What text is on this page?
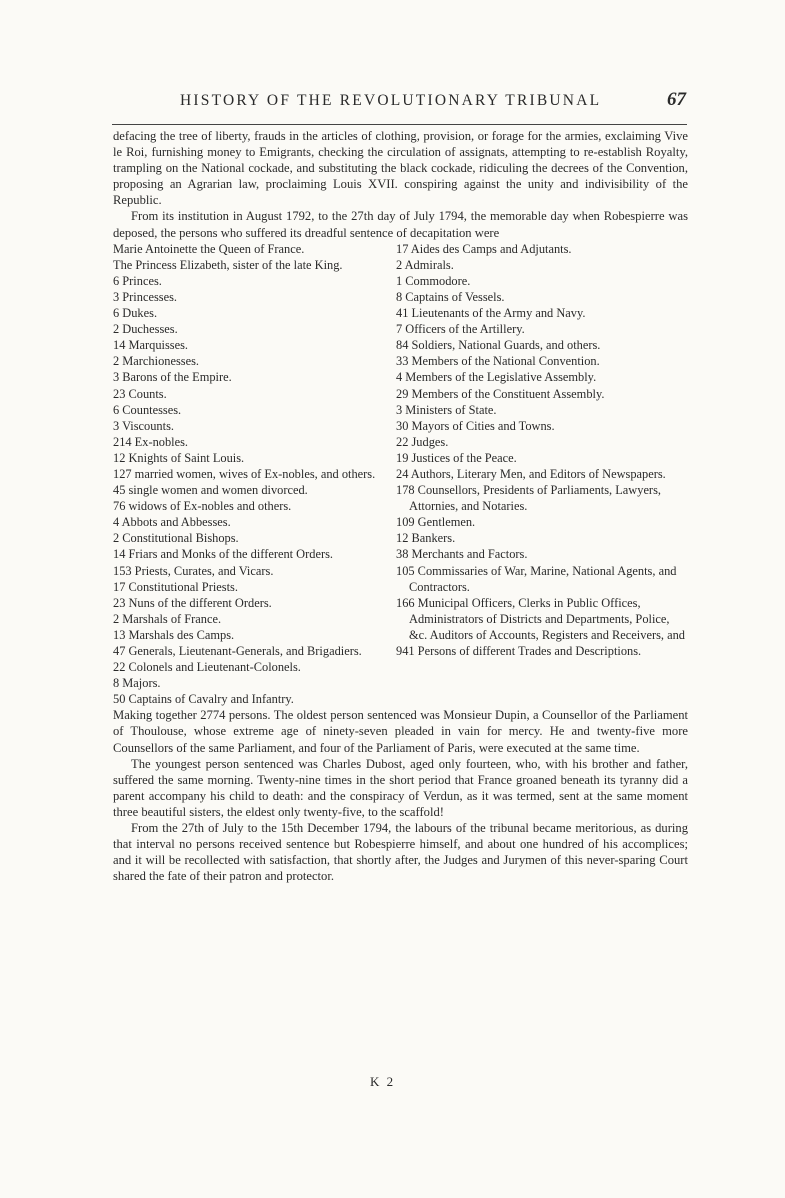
HISTORY OF THE REVOLUTIONARY TRIBUNAL	67

defacing the tree of liberty, frauds in the articles of clothing, provision, or forage for the armies, exclaiming Vive le Roi, furnishing money to Emigrants, checking the circulation of assignats, attempting to re-establish Royalty, trampling on the National cockade, and substituting the black cockade, ridiculing the decrees of the Convention, proposing an Agrarian law, proclaiming Louis XVII. conspiring against the unity and indivisibility of the Republic.

From its institution in August 1792, to the 27th day of July 1794, the memorable day when Robespierre was deposed, the persons who suffered its dreadful sentence of decapitation were

Marie Antoinette the Queen of France.

The Princess Elizabeth, sister of the late King.

6 Princes.

3 Princesses.

6 Dukes.

2 Duchesses.

14 Marquisses.

2 Marchionesses.

3 Barons of the Empire.

23 Counts.

6 Countesses.

3 Viscounts.

214 Ex-nobles.

12 Knights of Saint Louis.

127 married women, wives of Ex-nobles, and others.

45 single women and women divorced.

76 widows of Ex-nobles and others.

4 Abbots and Abbesses.

2 Constitutional Bishops.

14 Friars and Monks of the different Orders.

153 Priests, Curates, and Vicars.

17 Constitutional Priests.

23 Nuns of the different Orders.

2 Marshals of France.

13 Marshals des Camps.

47 Generals, Lieutenant-Generals, and Brigadiers.

22 Colonels and Lieutenant-Colonels.

8 Majors.

50 Captains of Cavalry and Infantry.

17 Aides des Camps and Adjutants.

2 Admirals.

1 Commodore.

8 Captains of Vessels.

41 Lieutenants of the Army and Navy.

7 Officers of the Artillery.

84 Soldiers, National Guards, and others.

33 Members of the National Convention.

4 Members of the Legislative Assembly.

29 Members of the Constituent Assembly.

3 Ministers of State.

30 Mayors of Cities and Towns.

22 Judges.

19 Justices of the Peace.

24 Authors, Literary Men, and Editors of Newspapers.

178 Counsellors, Presidents of Parliaments, Lawyers, Attornies, and Notaries.

109 Gentlemen.

12 Bankers.

38 Merchants and Factors.

105 Commissaries of War, Marine, National Agents, and Contractors.

166 Municipal Officers, Clerks in Public Offices, Administrators of Districts and Departments, Police, &c. Auditors of Accounts, Registers and Receivers, and

941 Persons of different Trades and Descriptions.

Making together 2774 persons. The oldest person sentenced was Monsieur Dupin, a Counsellor of the Parliament of Thoulouse, whose extreme age of ninety-seven pleaded in vain for mercy. He and twenty-five more Counsellors of the same Parliament, and four of the Parliament of Paris, were executed at the same time.

The youngest person sentenced was Charles Dubost, aged only fourteen, who, with his brother and father, suffered the same morning. Twenty-nine times in the short period that France groaned beneath its tyranny did a parent accompany his child to death: and the conspiracy of Verdun, as it was termed, sent at the same moment three beautiful sisters, the eldest only twenty-five, to the scaffold!

From the 27th of July to the 15th December 1794, the labours of the tribunal became meritorious, as during that interval no persons received sentence but Robespierre himself, and about one hundred of his accomplices; and it will be recollected with satisfaction, that shortly after, the Judges and Jurymen of this never-sparing Court shared the fate of their patron and protector.

K 2
